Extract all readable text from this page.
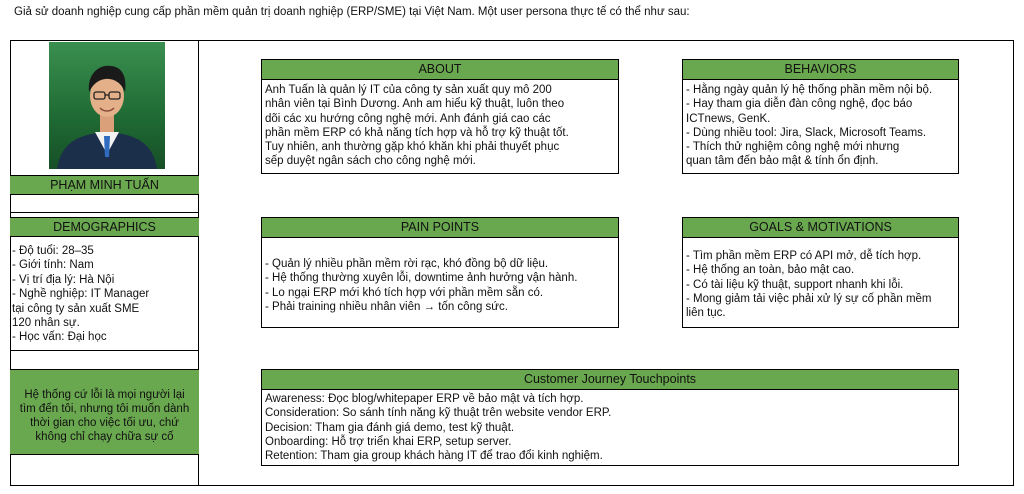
Giả sử doanh nghiệp cung cấp phần mềm quản trị doanh nghiệp (ERP/SME) tại Việt Nam. Một user persona thực tế có thể như sau:
PHẠM MINH TUẤN
DEMOGRAPHICS
- Độ tuổi: 28–35
- Giới tính: Nam
- Vị trí địa lý: Hà Nội
- Nghề nghiệp: IT Manager
tại công ty sản xuất SME
120 nhân sự.
- Học vấn: Đại học
Hệ thống cứ lỗi là mọi người lại tìm đến tôi, nhưng tôi muốn dành thời gian cho việc tối ưu, chứ không chỉ chạy chữa sự cố
ABOUT
Anh Tuấn là quản lý IT của công ty sản xuất quy mô 200
nhân viên tại Bình Dương. Anh am hiểu kỹ thuật, luôn theo
dõi các xu hướng công nghệ mới. Anh đánh giá cao các
phần mềm ERP có khả năng tích hợp và hỗ trợ kỹ thuật tốt.
Tuy nhiên, anh thường gặp khó khăn khi phải thuyết phục
sếp duyệt ngân sách cho công nghệ mới.
BEHAVIORS
- Hằng ngày quản lý hệ thống phần mềm nội bộ.
- Hay tham gia diễn đàn công nghệ, đọc báo
ICTnews, GenK.
- Dùng nhiều tool: Jira, Slack, Microsoft Teams.
- Thích thử nghiệm công nghệ mới nhưng
quan tâm đến bảo mật & tính ổn định.
PAIN POINTS
- Quản lý nhiều phần mềm rời rạc, khó đồng bộ dữ liệu.
- Hệ thống thường xuyên lỗi, downtime ảnh hưởng vận hành.
- Lo ngại ERP mới khó tích hợp với phần mềm sẵn có.
- Phải training nhiều nhân viên → tốn công sức.
GOALS & MOTIVATIONS
- Tìm phần mềm ERP có API mở, dễ tích hợp.
- Hệ thống an toàn, bảo mật cao.
- Có tài liệu kỹ thuật, support nhanh khi lỗi.
- Mong giảm tải việc phải xử lý sự cố phần mềm
liên tục.
Customer Journey Touchpoints
Awareness: Đọc blog/whitepaper ERP về bảo mật và tích hợp.
Consideration: So sánh tính năng kỹ thuật trên website vendor ERP.
Decision: Tham gia đánh giá demo, test kỹ thuật.
Onboarding: Hỗ trợ triển khai ERP, setup server.
Retention: Tham gia group khách hàng IT để trao đổi kinh nghiệm.
